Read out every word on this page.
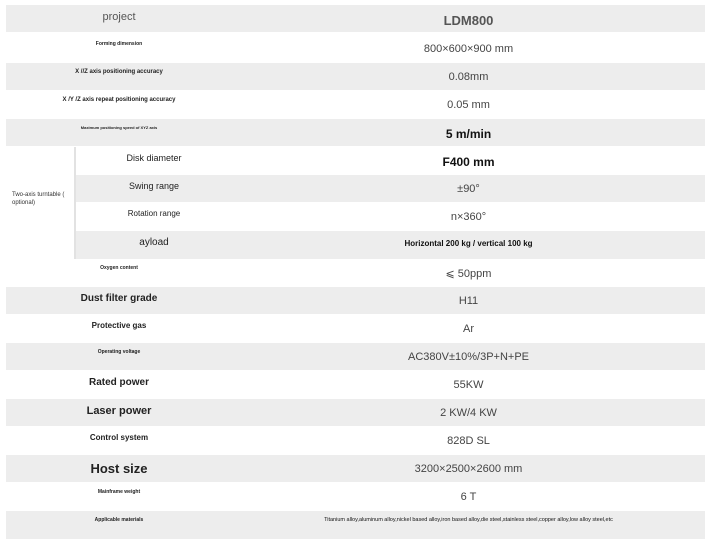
project	LDM800
Forming dimension	800×600×900 mm
X //Z axis positioning accuracy	0.08mm
X /Y /Z axis repeat positioning accuracy	0.05 mm
Maximum positioning speed of XYZ axis	5 m/min
Two-axis turntable ( optional)
Disk diameter	F400 mm
Swing range	±90°
Rotation range	n×360°
ayload	Horizontal 200 kg / vertical 100 kg
Oxygen content	⩽ 50ppm
Dust filter grade	H11
Protective gas	Ar
Operating voltage	AC380V±10%/3P+N+PE
Rated power	55KW
Laser power	2 KW/4 KW
Control system	828D SL
Host size	3200×2500×2600 mm
Mainframe weight	6 T
Applicable materials	Titanium alloy,aluminum alloy,nickel based alloy,iron based alloy,die steel,stainless steel,copper alloy,low alloy steel,etc
